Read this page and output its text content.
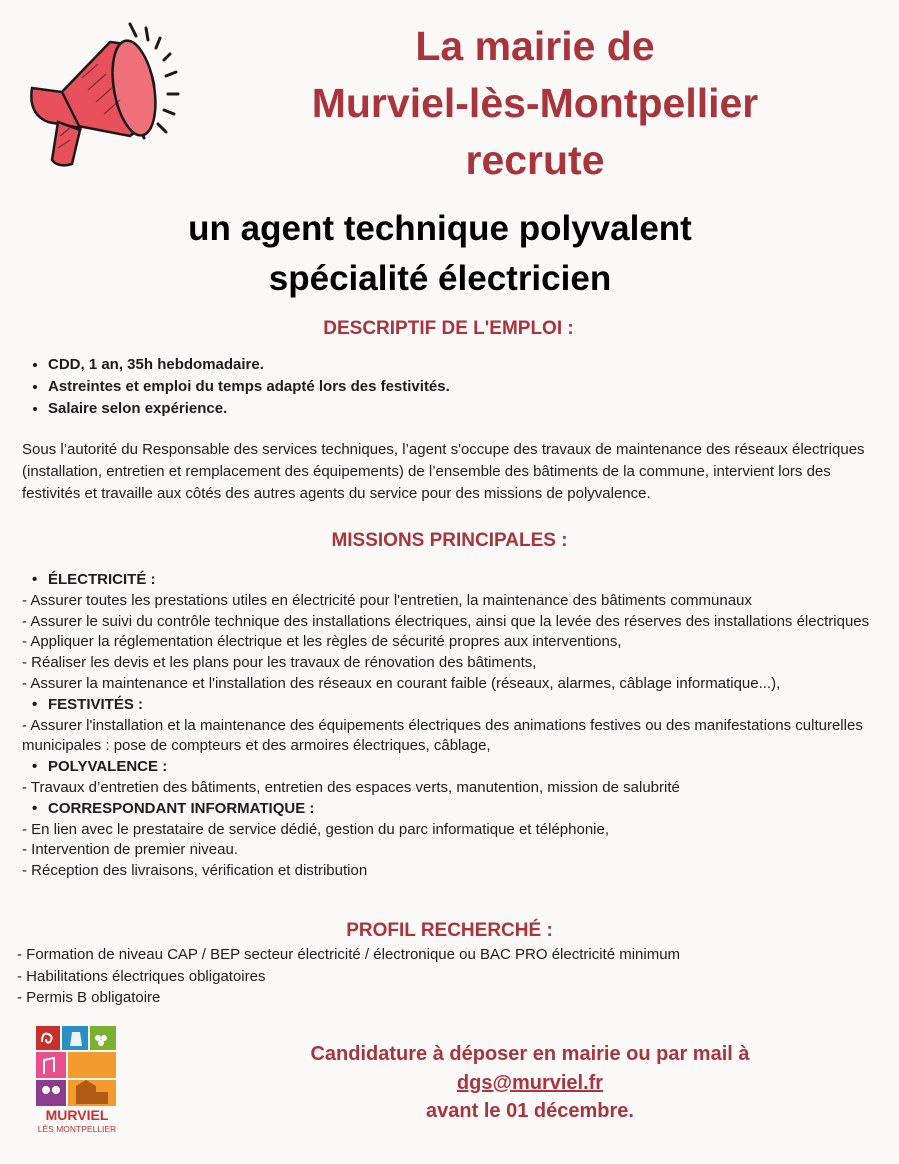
La mairie de
Murviel-lès-Montpellier
recrute
un agent technique polyvalent
spécialité électricien
DESCRIPTIF DE L'EMPLOI :
• CDD, 1 an, 35h hebdomadaire.
• Astreintes et emploi du temps adapté lors des festivités.
• Salaire selon expérience.

Sous l’autorité du Responsable des services techniques, l’agent s'occupe des travaux de maintenance des réseaux électriques (installation, entretien et remplacement des équipements) de l’ensemble des bâtiments de la commune, intervient lors des festivités et travaille aux côtés des autres agents du service pour des missions de polyvalence.

MISSIONS PRINCIPALES :
• ÉLECTRICITÉ :
- Assurer toutes les prestations utiles en électricité pour l'entretien, la maintenance des bâtiments communaux
- Assurer le suivi du contrôle technique des installations électriques, ainsi que la levée des réserves des installations électriques
- Appliquer la réglementation électrique et les règles de sécurité propres aux interventions,
- Réaliser les devis et les plans pour les travaux de rénovation des bâtiments,
- Assurer la maintenance et l'installation des réseaux en courant faible (réseaux, alarmes, câblage informatique...),
• FESTIVITÉS :
- Assurer l'installation et la maintenance des équipements électriques des animations festives ou des manifestations culturelles municipales : pose de compteurs et des armoires électriques, câblage,
• POLYVALENCE :
- Travaux d’entretien des bâtiments, entretien des espaces verts, manutention, mission de salubrité
• CORRESPONDANT INFORMATIQUE :
- En lien avec le prestataire de service dédié, gestion du parc informatique et téléphonie,
- Intervention de premier niveau.
- Réception des livraisons, vérification et distribution
PROFIL RECHERCHÉ :
- Formation de niveau CAP / BEP secteur électricité / électronique ou BAC PRO électricité minimum
- Habilitations électriques obligatoires
- Permis B obligatoire
MURVIEL
LÈS MONTPELLIER
Candidature à déposer en mairie ou par mail à
dgs@murviel.fr
avant le 01 décembre.
